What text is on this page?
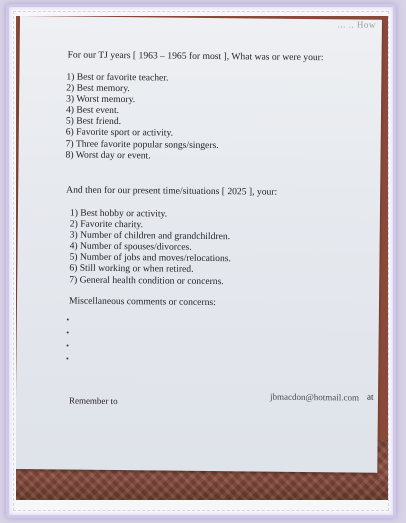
... .. How
For our TJ years [ 1963 – 1965 for most ], What was or were your:
1) Best or favorite teacher.
2) Best memory.
3) Worst memory.
4) Best event.
5) Best friend.
6) Favorite sport or activity.
7) Three favorite popular songs/singers.
8) Worst day or event.
And then for our present time/situations [ 2025 ], your:
1) Best hobby or activity.
2) Favorite charity.
3) Number of children and grandchildren.
4) Number of spouses/divorces.
5) Number of jobs and moves/relocations.
6) Still working or when retired.
7) General health condition or concerns.
Miscellaneous comments or concerns:
Remember to	jbmacdon@hotmail.com at
